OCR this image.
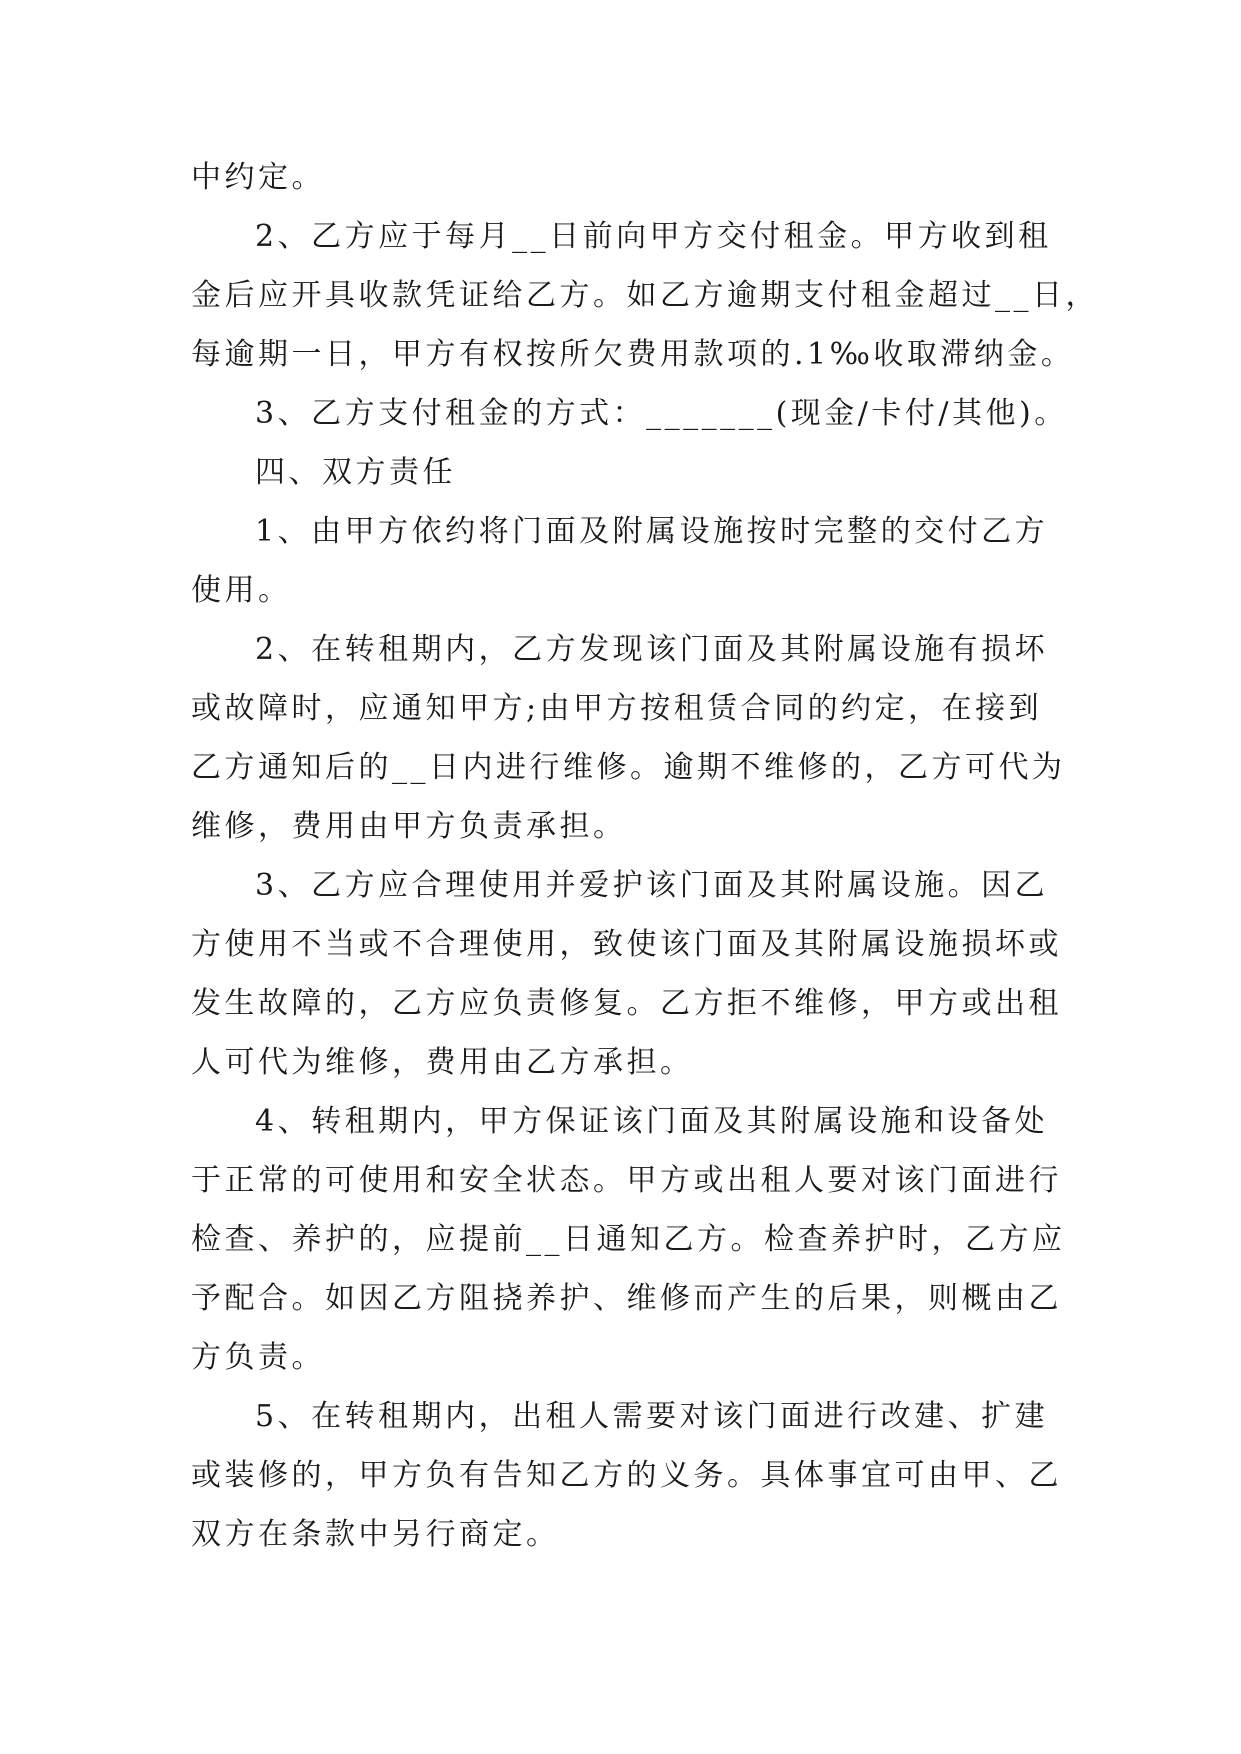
中约定。
2、乙方应于每月__日前向甲方交付租金。甲方收到租
金后应开具收款凭证给乙方。如乙方逾期支付租金超过__日，
每逾期一日，甲方有权按所欠费用款项的.1‰收取滞纳金。
3、乙方支付租金的方式：_______(现金/卡付/其他)。
四、双方责任
1、由甲方依约将门面及附属设施按时完整的交付乙方
使用。
2、在转租期内，乙方发现该门面及其附属设施有损坏
或故障时，应通知甲方;由甲方按租赁合同的约定，在接到
乙方通知后的__日内进行维修。逾期不维修的，乙方可代为
维修，费用由甲方负责承担。
3、乙方应合理使用并爱护该门面及其附属设施。因乙
方使用不当或不合理使用，致使该门面及其附属设施损坏或
发生故障的，乙方应负责修复。乙方拒不维修，甲方或出租
人可代为维修，费用由乙方承担。
4、转租期内，甲方保证该门面及其附属设施和设备处
于正常的可使用和安全状态。甲方或出租人要对该门面进行
检查、养护的，应提前__日通知乙方。检查养护时，乙方应
予配合。如因乙方阻挠养护、维修而产生的后果，则概由乙
方负责。
5、在转租期内，出租人需要对该门面进行改建、扩建
或装修的，甲方负有告知乙方的义务。具体事宜可由甲、乙
双方在条款中另行商定。
